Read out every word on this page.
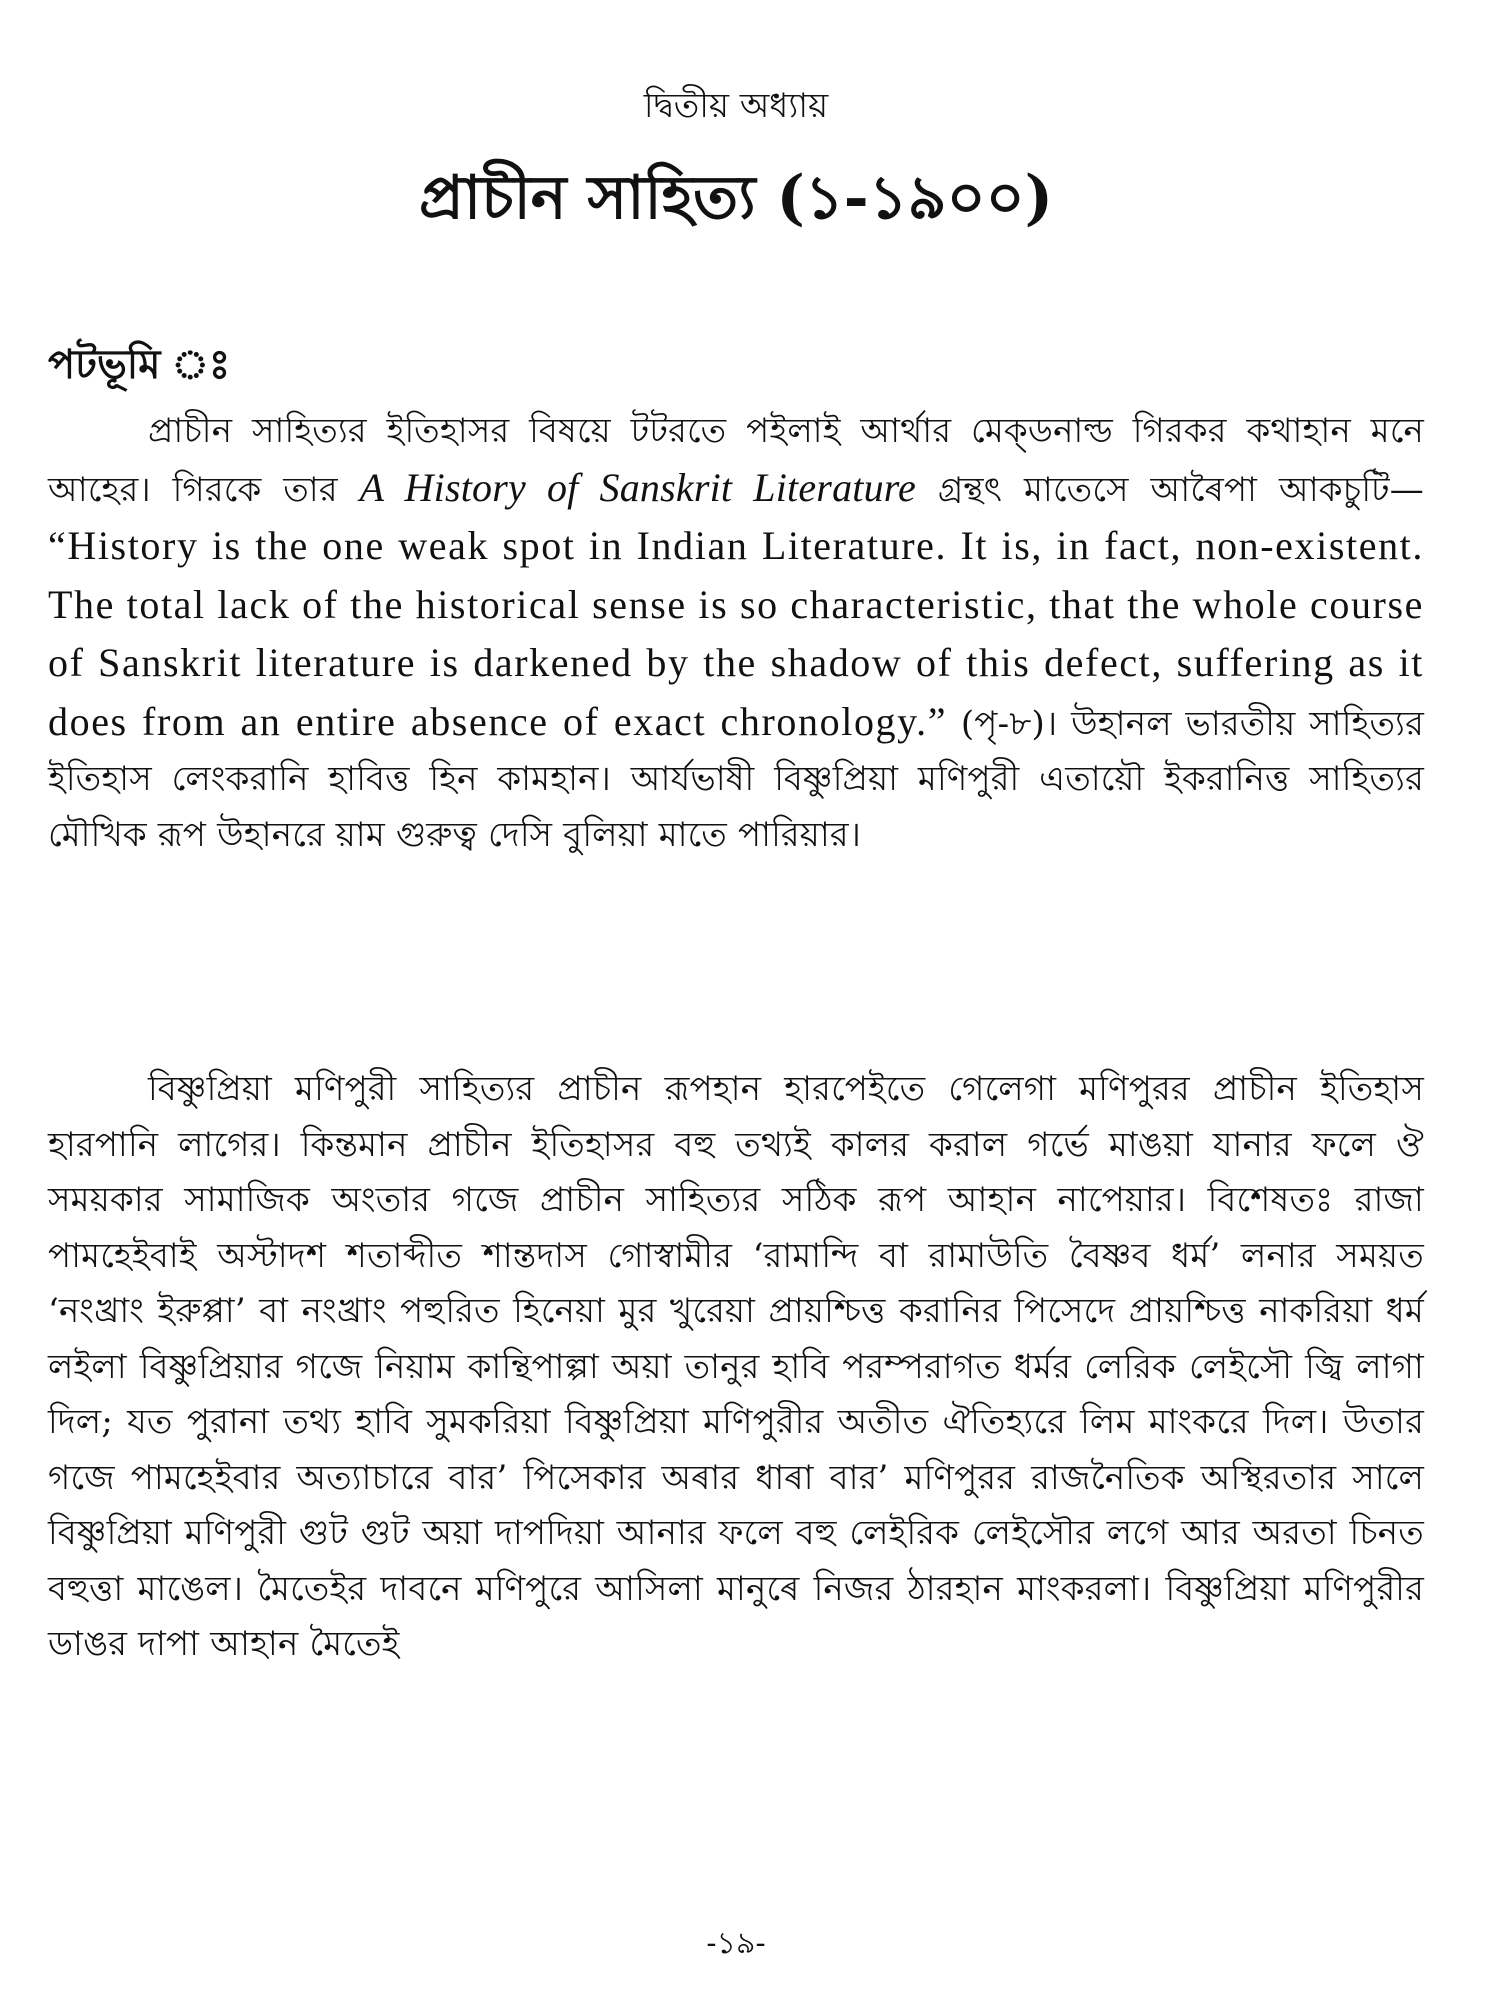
দ্বিতীয় অধ্যায়
প্রাচীন সাহিত্য (১-১৯০০)
পটভূমি ঃ

প্রাচীন সাহিত্যর ইতিহাসর বিষয়ে টটরতে পইলাই আর্থার মেক্‌ডনাল্ড গিরকর কথাহান মনে আহের। গিরকে তার A History of Sanskrit Literature গ্রন্থৎ মাতেসে আৰৈপা আকচুটি— “History is the one weak spot in Indian Literature. It is, in fact, non-existent. The total lack of the historical sense is so characteristic, that the whole course of Sanskrit literature is darkened by the shadow of this defect, suffering as it does from an entire absence of exact chronology.” (পৃ-৮)। উহানল ভারতীয় সাহিত্যর ইতিহাস লেংকরানি হাবিত্ত হিন কামহান। আর্যভাষী বিষ্ণুপ্রিয়া মণিপুরী এতায়ৌ ইকরানিত্ত সাহিত্যর মৌখিক রূপ উহানরে য়াম গুরুত্ব দেসি বুলিয়া মাতে পারিয়ার।

বিষ্ণুপ্রিয়া মণিপুরী সাহিত্যর প্রাচীন রূপহান হারপেইতে গেলেগা মণিপুরর প্রাচীন ইতিহাস হারপানি লাগের। কিন্তমান প্রাচীন ইতিহাসর বহু তথ্যই কালর করাল গর্ভে মাঙয়া যানার ফলে ঔ সময়কার সামাজিক অংতার গজে প্রাচীন সাহিত্যর সঠিক রূপ আহান নাপেয়ার। বিশেষতঃ রাজা পামহেইবাই অস্টাদশ শতাব্দীত শান্তদাস গোস্বামীর ‘রামান্দি বা রামাউতি বৈষ্ণব ধর্ম’ লনার সময়ত ‘নংখ্রাং ইরুপ্পা’ বা নংখ্রাং পহুরিত হিনেয়া মুর খুরেয়া প্রায়শ্চিত্ত করানির পিসেদে প্রায়শ্চিত্ত নাকরিয়া ধর্ম লইলা বিষ্ণুপ্রিয়ার গজে নিয়াম কান্থিপাল্পা অয়া তানুর হাবি পরম্পরাগত ধর্মর লেরিক লেইসৌ জ্বি লাগা দিল; যত পুরানা তথ্য হাবি সুমকরিয়া বিষ্ণুপ্রিয়া মণিপুরীর অতীত ঐতিহ্যরে লিম মাংকরে দিল। উতার গজে পামহেইবার অত্যাচারে বার’ পিসেকার অৰার ধাৰা বার’ মণিপুরর রাজনৈতিক অস্থিরতার সালে বিষ্ণুপ্রিয়া মণিপুরী গুট গুট অয়া দাপদিয়া আনার ফলে বহু লেইরিক লেইসৌর লগে আর অরতা চিনত বহুত্তা মাঙেল। মৈতেইর দাবনে মণিপুরে আসিলা মানুৰে নিজর ঠারহান মাংকরলা। বিষ্ণুপ্রিয়া মণিপুরীর ডাঙর দাপা আহান মৈতেই

-১৯-
